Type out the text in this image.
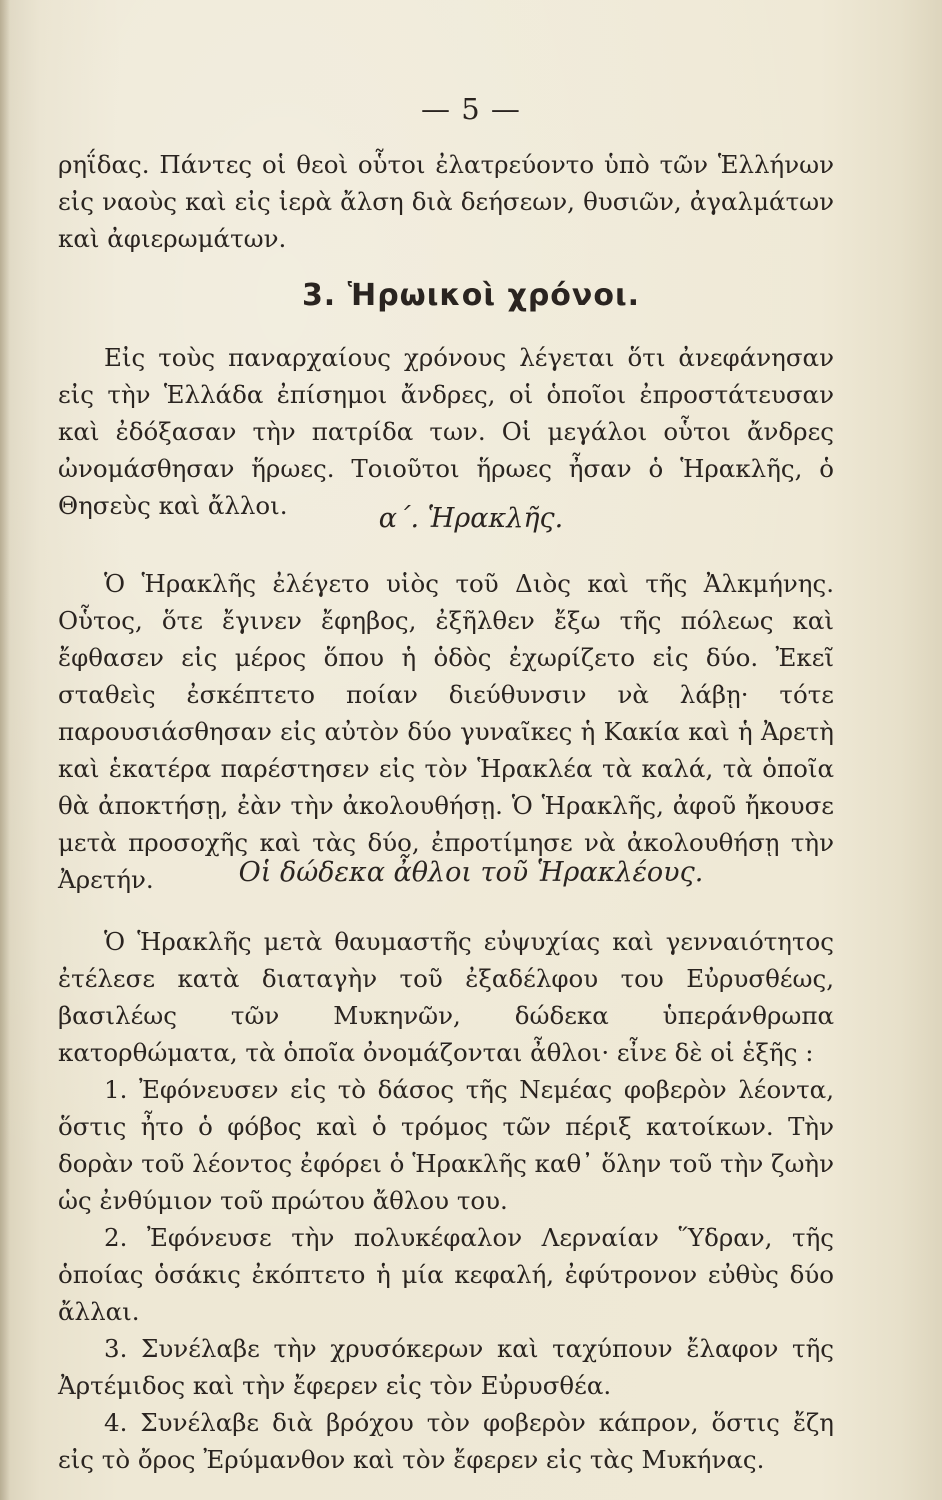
— 5 —

ρηΐδας. Πάντες οἱ θεοὶ οὗτοι ἐλατρεύοντο ὑπὸ τῶν Ἑλλήνων εἰς ναοὺς καὶ εἰς ἱερὰ ἄλση διὰ δεήσεων, θυσιῶν, ἀγαλμάτων καὶ ἀφιερωμάτων.

3. Ἡρωικοὶ χρόνοι.

Εἰς τοὺς παναρχαίους χρόνους λέγεται ὅτι ἀνεφάνησαν εἰς τὴν Ἑλλάδα ἐπίσημοι ἄνδρες, οἱ ὁποῖοι ἐπροστάτευσαν καὶ ἐδόξασαν τὴν πατρίδα των. Οἱ μεγάλοι οὗτοι ἄνδρες ὠνομάσθησαν ἥρωες. Τοιοῦτοι ἥρωες ἦσαν ὁ Ἡρακλῆς, ὁ Θησεὺς καὶ ἄλλοι.	α΄. Ἡρακλῆς.

Ὁ Ἡρακλῆς ἐλέγετο υἱὸς τοῦ Διὸς καὶ τῆς Ἀλκμήνης. Οὗτος, ὅτε ἔγινεν ἔφηβος, ἐξῆλθεν ἔξω τῆς πόλεως καὶ ἔφθασεν εἰς μέρος ὅπου ἡ ὁδὸς ἐχωρίζετο εἰς δύο. Ἐκεῖ σταθεὶς ἐσκέπτετο ποίαν διεύθυνσιν νὰ λάβῃ· τότε παρουσιάσθησαν εἰς αὐτὸν δύο γυναῖκες ἡ Κακία καὶ ἡ Ἀρετὴ καὶ ἑκατέρα παρέστησεν εἰς τὸν Ἡρακλέα τὰ καλά, τὰ ὁποῖα θὰ ἀποκτήσῃ, ἐὰν τὴν ἀκολουθήσῃ. Ὁ Ἡρακλῆς, ἀφοῦ ἤκουσε μετὰ προσοχῆς καὶ τὰς δύο, ἐπροτίμησε νὰ ἀκολουθήσῃ τὴν Ἀρετήν.	Οἱ δώδεκα ἆθλοι τοῦ Ἡρακλέους.

Ὁ Ἡρακλῆς μετὰ θαυμαστῆς εὐψυχίας καὶ γενναιότητος ἐτέλεσε κατὰ διαταγὴν τοῦ ἐξαδέλφου του Εὐρυσθέως, βασιλέως τῶν Μυκηνῶν, δώδεκα ὑπεράνθρωπα κατορθώματα, τὰ ὁποῖα ὀνομάζονται ἆθλοι· εἶνε δὲ οἱ ἑξῆς :

1. Ἐφόνευσεν εἰς τὸ δάσος τῆς Νεμέας φοβερὸν λέοντα, ὅστις ἦτο ὁ φόβος καὶ ὁ τρόμος τῶν πέριξ κατοίκων. Τὴν δορὰν τοῦ λέοντος ἐφόρει ὁ Ἡρακλῆς καθ᾽ ὅλην τοῦ τὴν ζωὴν ὡς ἐνθύμιον τοῦ πρώτου ἄθλου του.

2. Ἐφόνευσε τὴν πολυκέφαλον Λερναίαν Ὕδραν, τῆς ὁποίας ὁσάκις ἐκόπτετο ἡ μία κεφαλή, ἐφύτρονον εὐθὺς δύο ἄλλαι.

3. Συνέλαβε τὴν χρυσόκερων καὶ ταχύπουν ἔλαφον τῆς Ἀρτέμιδος καὶ τὴν ἔφερεν εἰς τὸν Εὐρυσθέα.

4. Συνέλαβε διὰ βρόχου τὸν φοβερὸν κάπρον, ὅστις ἔζη εἰς τὸ ὄρος Ἐρύμανθον καὶ τὸν ἔφερεν εἰς τὰς Μυκήνας.
